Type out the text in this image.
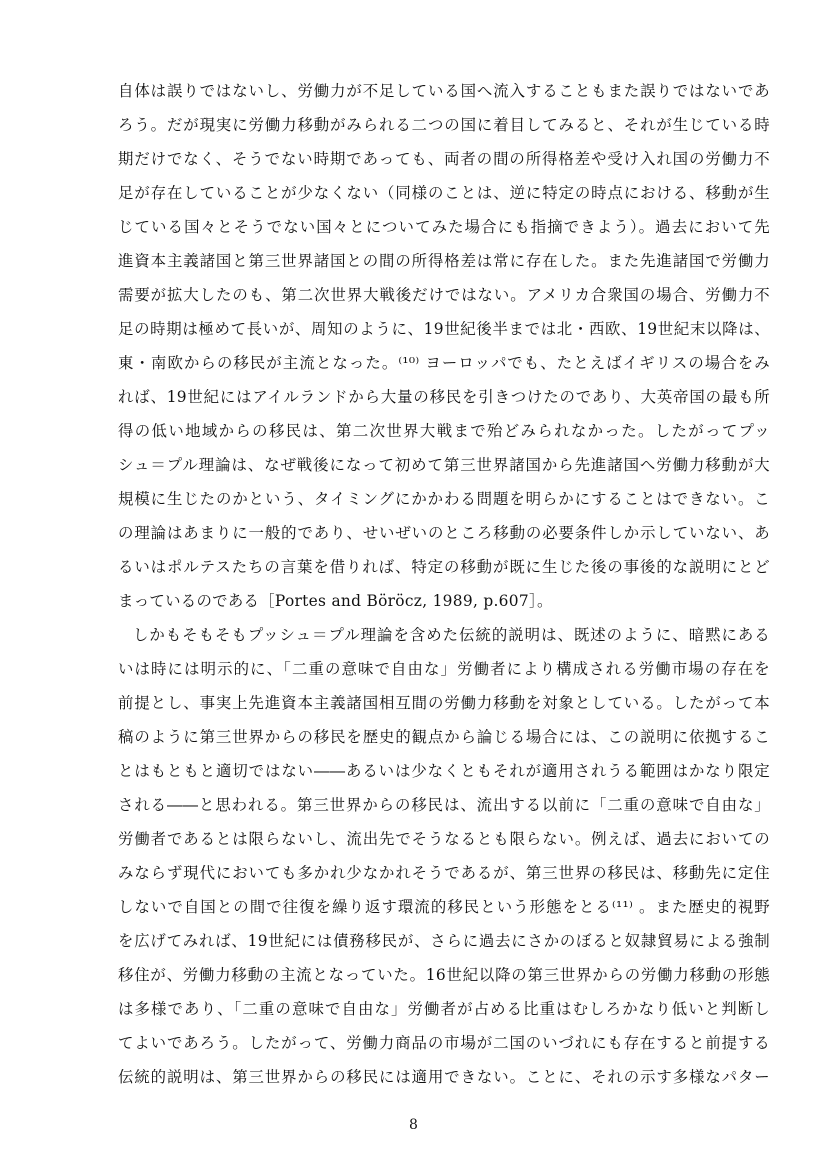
自体は誤りではないし、労働力が不足している国へ流入することもまた誤りではないであ
ろう。だが現実に労働力移動がみられる二つの国に着目してみると、それが生じている時
期だけでなく、そうでない時期であっても、両者の間の所得格差や受け入れ国の労働力不
足が存在していることが少なくない（同様のことは、逆に特定の時点における、移動が生
じている国々とそうでない国々とについてみた場合にも指摘できよう）。過去において先
進資本主義諸国と第三世界諸国との間の所得格差は常に存在した。また先進諸国で労働力
需要が拡大したのも、第二次世界大戦後だけではない。アメリカ合衆国の場合、労働力不
足の時期は極めて長いが、周知のように、19世紀後半までは北・西欧、19世紀末以降は、
東・南欧からの移民が主流となった。⁽¹⁰⁾ ヨーロッパでも、たとえばイギリスの場合をみ
れば、19世紀にはアイルランドから大量の移民を引きつけたのであり、大英帝国の最も所
得の低い地域からの移民は、第二次世界大戦まで殆どみられなかった。したがってプッ
シュ＝プル理論は、なぜ戦後になって初めて第三世界諸国から先進諸国へ労働力移動が大
規模に生じたのかという、タイミングにかかわる問題を明らかにすることはできない。こ
の理論はあまりに一般的であり、せいぜいのところ移動の必要条件しか示していない、あ
るいはポルテスたちの言葉を借りれば、特定の移動が既に生じた後の事後的な説明にとど
まっているのである［Portes and Böröcz, 1989, p.607］。
しかもそもそもプッシュ＝プル理論を含めた伝統的説明は、既述のように、暗黙にある
いは時には明示的に、「二重の意味で自由な」労働者により構成される労働市場の存在を
前提とし、事実上先進資本主義諸国相互間の労働力移動を対象としている。したがって本
稿のように第三世界からの移民を歴史的観点から論じる場合には、この説明に依拠するこ
とはもともと適切ではない――あるいは少なくともそれが適用されうる範囲はかなり限定
される――と思われる。第三世界からの移民は、流出する以前に「二重の意味で自由な」
労働者であるとは限らないし、流出先でそうなるとも限らない。例えば、過去においての
みならず現代においても多かれ少なかれそうであるが、第三世界の移民は、移動先に定住
しないで自国との間で往復を繰り返す環流的移民という形態をとる⁽¹¹⁾ 。また歴史的視野
を広げてみれば、19世紀には債務移民が、さらに過去にさかのぼると奴隷貿易による強制
移住が、労働力移動の主流となっていた。16世紀以降の第三世界からの労働力移動の形態
は多様であり、「二重の意味で自由な」労働者が占める比重はむしろかなり低いと判断し
てよいであろう。したがって、労働力商品の市場が二国のいづれにも存在すると前提する
伝統的説明は、第三世界からの移民には適用できない。ことに、それの示す多様なパター
8
